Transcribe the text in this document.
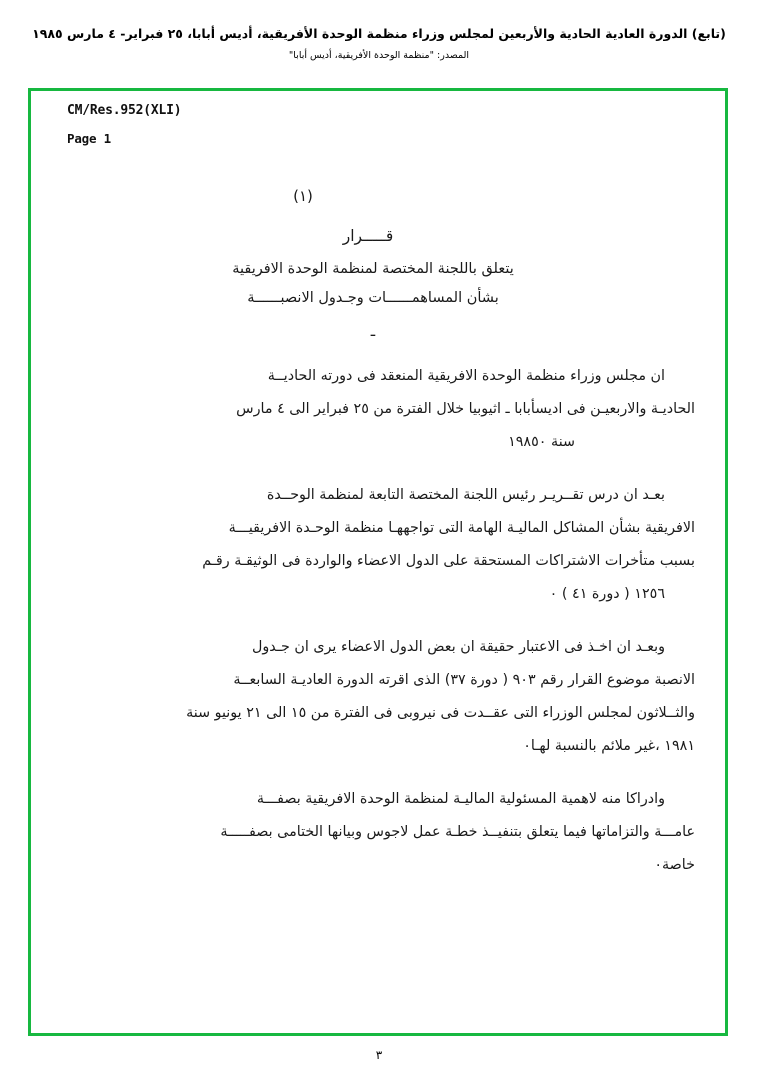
(تابع) الدورة العادية الحادية والأربعين لمجلس وزراء منظمة الوحدة الأفريقية، أديس أبابا، ٢٥ فبراير- ٤ مارس ١٩٨٥
المصدر: "منظمة الوحدة الأفريقية، أديس أبابا"
CM/Res.952(XLI)
Page 1
(١)
قـــــرار
يتعلق باللجنة المختصة لمنظمة الوحدة الافريقية
بشأن المساهمــــــات وجـدول الانصبــــــة
ـ
ان مجلس وزراء منظمة الوحدة الافريقية المنعقد فى دورته الحاديــة
الحاديـة والاربعيـن فى اديس‫أبابا ـ اثيوبيا خلال الفترة من ٢٥ فبراير الى ٤ مارس
سنة ١٩٨٥٠
بعـد ان درس تقــريـر رئيس اللجنة المختصة التابعة لمنظمة الوحــدة
الافريقية بشأن المشاكل الماليـة الهامة التى تواجههـا منظمة الوحـدة الافريقيـــة
بسبب متأخرات الاشتراكات المستحقة على الدول الاعضاء والواردة فى الوثيقـة رقـم
١٢٥٦ ( دورة ٤١ ) ٠
وبعـد ان اخـذ فى الاعتبار حقيقة ان بعض الدول الاعضاء يرى ان جـدول
الانصبة موضوع القرار رقم ٩٠٣ ( دورة ٣٧) الذى اقرته الدورة العاديـة السابعــة
والثــلاثون لمجلس الوزراء التى عقــدت فى نيروبى فى الفترة من ١٥ الى ٢١ يونيو سنة
١٩٨١ ،غير ملائم بالنسبة لهـا٠
وادراكا منه لاهمية المسئولية الماليـة لمنظمة الوحدة الافريقية بصفـــة
عامـــة والتزاماتها فيما يتعلق بتنفيــذ خطـة عمل لاجوس وبيانها الختامى بصفـــــة
خاصة٠
٣
